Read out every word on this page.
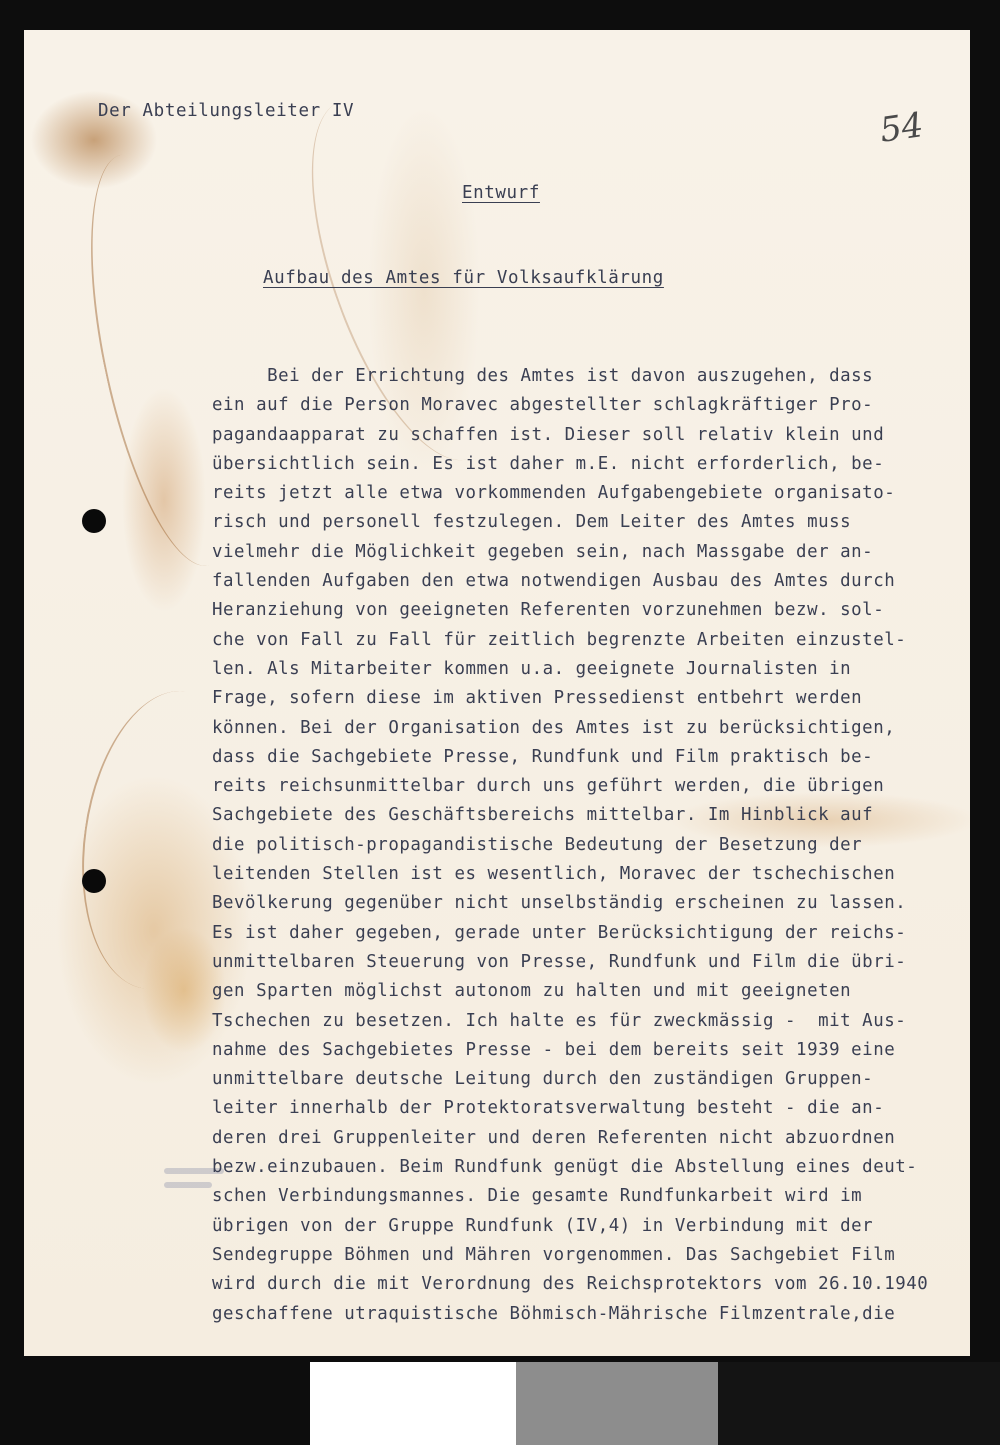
Der Abteilungsleiter IV	54
Entwurf
Aufbau des Amtes für Volksaufklärung
Bei der Errichtung des Amtes ist davon auszugehen, dass
ein auf die Person Moravec abgestellter schlagkräftiger Pro-
pagandaapparat zu schaffen ist. Dieser soll relativ klein und
übersichtlich sein. Es ist daher m.E. nicht erforderlich, be-
reits jetzt alle etwa vorkommenden Aufgabengebiete organisato-
risch und personell festzulegen. Dem Leiter des Amtes muss
vielmehr die Möglichkeit gegeben sein, nach Massgabe der an-
fallenden Aufgaben den etwa notwendigen Ausbau des Amtes durch
Heranziehung von geeigneten Referenten vorzunehmen bezw. sol-
che von Fall zu Fall für zeitlich begrenzte Arbeiten einzustel-
len. Als Mitarbeiter kommen u.a. geeignete Journalisten in
Frage, sofern diese im aktiven Pressedienst entbehrt werden
können. Bei der Organisation des Amtes ist zu berücksichtigen,
dass die Sachgebiete Presse, Rundfunk und Film praktisch be-
reits reichsunmittelbar durch uns geführt werden, die übrigen
Sachgebiete des Geschäftsbereichs mittelbar. Im Hinblick auf
die politisch-propagandistische Bedeutung der Besetzung der
leitenden Stellen ist es wesentlich, Moravec der tschechischen
Bevölkerung gegenüber nicht unselbständig erscheinen zu lassen.
Es ist daher gegeben, gerade unter Berücksichtigung der reichs-
unmittelbaren Steuerung von Presse, Rundfunk und Film die übri-
gen Sparten möglichst autonom zu halten und mit geeigneten
Tschechen zu besetzen. Ich halte es für zweckmässig -  mit Aus-
nahme des Sachgebietes Presse - bei dem bereits seit 1939 eine
unmittelbare deutsche Leitung durch den zuständigen Gruppen-
leiter innerhalb der Protektoratsverwaltung besteht - die an-
deren drei Gruppenleiter und deren Referenten nicht abzuordnen
bezw.einzubauen. Beim Rundfunk genügt die Abstellung eines deut-
schen Verbindungsmannes. Die gesamte Rundfunkarbeit wird im
übrigen von der Gruppe Rundfunk (IV,4) in Verbindung mit der
Sendegruppe Böhmen und Mähren vorgenommen. Das Sachgebiet Film
wird durch die mit Verordnung des Reichsprotektors vom 26.10.1940
geschaffene utraquistische Böhmisch-Mährische Filmzentrale,die
